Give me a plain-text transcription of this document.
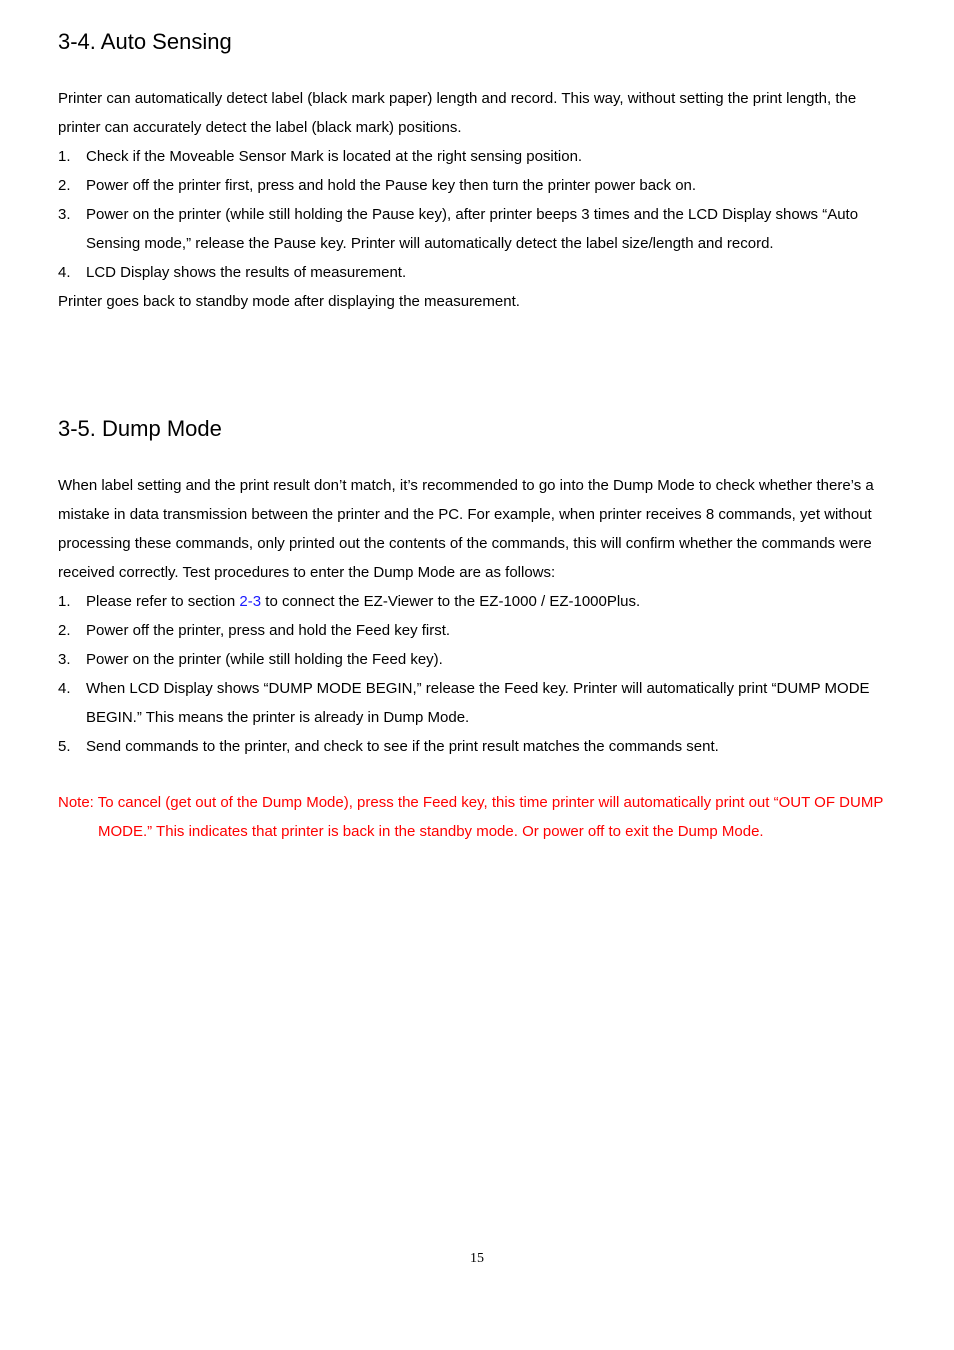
3-4. Auto Sensing

Printer can automatically detect label (black mark paper) length and record. This way, without setting the print length, the printer can accurately detect the label (black mark) positions.

1. Check if the Moveable Sensor Mark is located at the right sensing position.
2. Power off the printer first, press and hold the Pause key then turn the printer power back on.
3. Power on the printer (while still holding the Pause key), after printer beeps 3 times and the LCD Display shows “Auto Sensing mode,” release the Pause key. Printer will automatically detect the label size/length and record.
4. LCD Display shows the results of measurement.

Printer goes back to standby mode after displaying the measurement.

3-5. Dump Mode

When label setting and the print result don’t match, it’s recommended to go into the Dump Mode to check whether there’s a mistake in data transmission between the printer and the PC. For example, when printer receives 8 commands, yet without processing these commands, only printed out the contents of the commands, this will confirm whether the commands were received correctly. Test procedures to enter the Dump Mode are as follows:

1. Please refer to section 2-3 to connect the EZ-Viewer to the EZ-1000 / EZ-1000Plus.
2. Power off the printer, press and hold the Feed key first.
3. Power on the printer (while still holding the Feed key).
4. When LCD Display shows “DUMP MODE BEGIN,” release the Feed key. Printer will automatically print “DUMP MODE BEGIN.” This means the printer is already in Dump Mode.
5. Send commands to the printer, and check to see if the print result matches the commands sent.

Note: To cancel (get out of the Dump Mode), press the Feed key, this time printer will automatically print out “OUT OF DUMP MODE.” This indicates that printer is back in the standby mode. Or power off to exit the Dump Mode.

15
